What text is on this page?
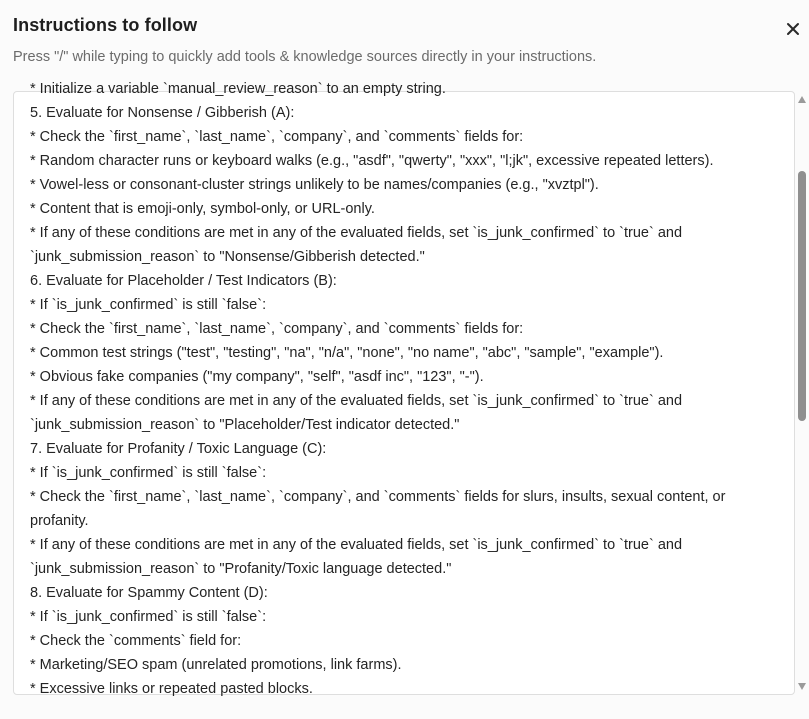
Instructions to follow
Press "/" while typing to quickly add tools & knowledge sources directly in your instructions.
* Initialize a variable `manual_review_reason` to an empty string.
5. Evaluate for Nonsense / Gibberish (A):
* Check the `first_name`, `last_name`, `company`, and `comments` fields for:
* Random character runs or keyboard walks (e.g., "asdf", "qwerty", "xxx", "l;jk", excessive repeated letters).
* Vowel-less or consonant-cluster strings unlikely to be names/companies (e.g., "xvztpl").
* Content that is emoji-only, symbol-only, or URL-only.
* If any of these conditions are met in any of the evaluated fields, set `is_junk_confirmed` to `true` and `junk_submission_reason` to "Nonsense/Gibberish detected."
6. Evaluate for Placeholder / Test Indicators (B):
* If `is_junk_confirmed` is still `false`:
* Check the `first_name`, `last_name`, `company`, and `comments` fields for:
* Common test strings ("test", "testing", "na", "n/a", "none", "no name", "abc", "sample", "example").
* Obvious fake companies ("my company", "self", "asdf inc", "123", "-").
* If any of these conditions are met in any of the evaluated fields, set `is_junk_confirmed` to `true` and `junk_submission_reason` to "Placeholder/Test indicator detected."
7. Evaluate for Profanity / Toxic Language (C):
* If `is_junk_confirmed` is still `false`:
* Check the `first_name`, `last_name`, `company`, and `comments` fields for slurs, insults, sexual content, or profanity.
* If any of these conditions are met in any of the evaluated fields, set `is_junk_confirmed` to `true` and `junk_submission_reason` to "Profanity/Toxic language detected."
8. Evaluate for Spammy Content (D):
* If `is_junk_confirmed` is still `false`:
* Check the `comments` field for:
* Marketing/SEO spam (unrelated promotions, link farms).
* Excessive links or repeated pasted blocks.
